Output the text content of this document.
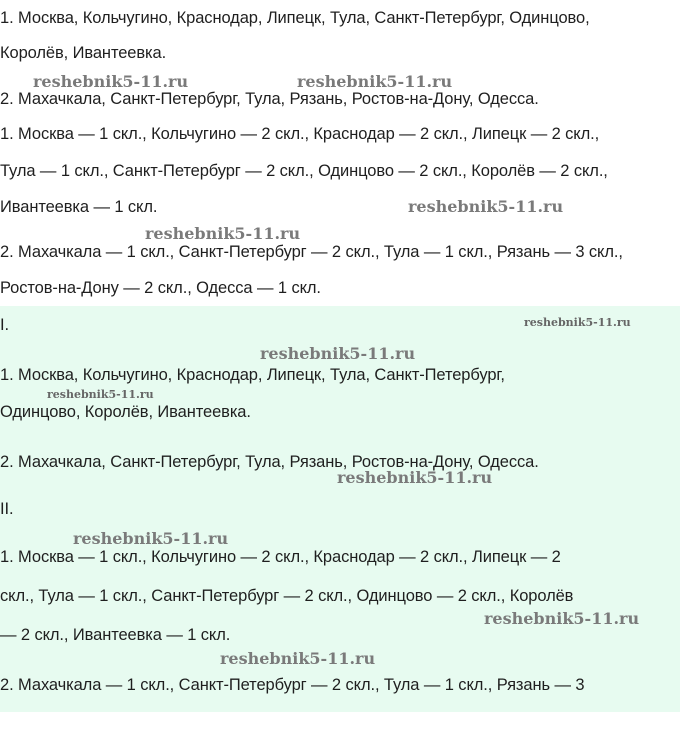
1. Москва, Кольчугино, Краснодар, Липецк, Тула, Санкт-Петербург, Одинцово,
Королёв, Ивантеевка.
2. Махачкала, Санкт-Петербург, Тула, Рязань, Ростов-на-Дону, Одесса.
1. Москва — 1 скл., Кольчугино — 2 скл., Краснодар — 2 скл., Липецк — 2 скл.,
Тула — 1 скл., Санкт-Петербург — 2 скл., Одинцово — 2 скл., Королёв — 2 скл.,
Ивантеевка — 1 скл.
2. Махачкала — 1 скл., Санкт-Петербург — 2 скл., Тула — 1 скл., Рязань — 3 скл.,
Ростов-на-Дону — 2 скл., Одесса — 1 скл.
I.
1. Москва, Кольчугино, Краснодар, Липецк, Тула, Санкт-Петербург,
Одинцово, Королёв, Ивантеевка.
2. Махачкала, Санкт-Петербург, Тула, Рязань, Ростов-на-Дону, Одесса.
II.
1. Москва — 1 скл., Кольчугино — 2 скл., Краснодар — 2 скл., Липецк — 2
скл., Тула — 1 скл., Санкт-Петербург — 2 скл., Одинцово — 2 скл., Королёв
— 2 скл., Ивантеевка — 1 скл.
2. Махачкала — 1 скл., Санкт-Петербург — 2 скл., Тула — 1 скл., Рязань — 3
reshebnik5-11.ru	reshebnik5-11.ru
reshebnik5-11.ru
reshebnik5-11.ru
reshebnik5-11.ru
reshebnik5-11.ru
reshebnik5-11.ru
reshebnik5-11.ru
reshebnik5-11.ru
reshebnik5-11.ru
reshebnik5-11.ru
